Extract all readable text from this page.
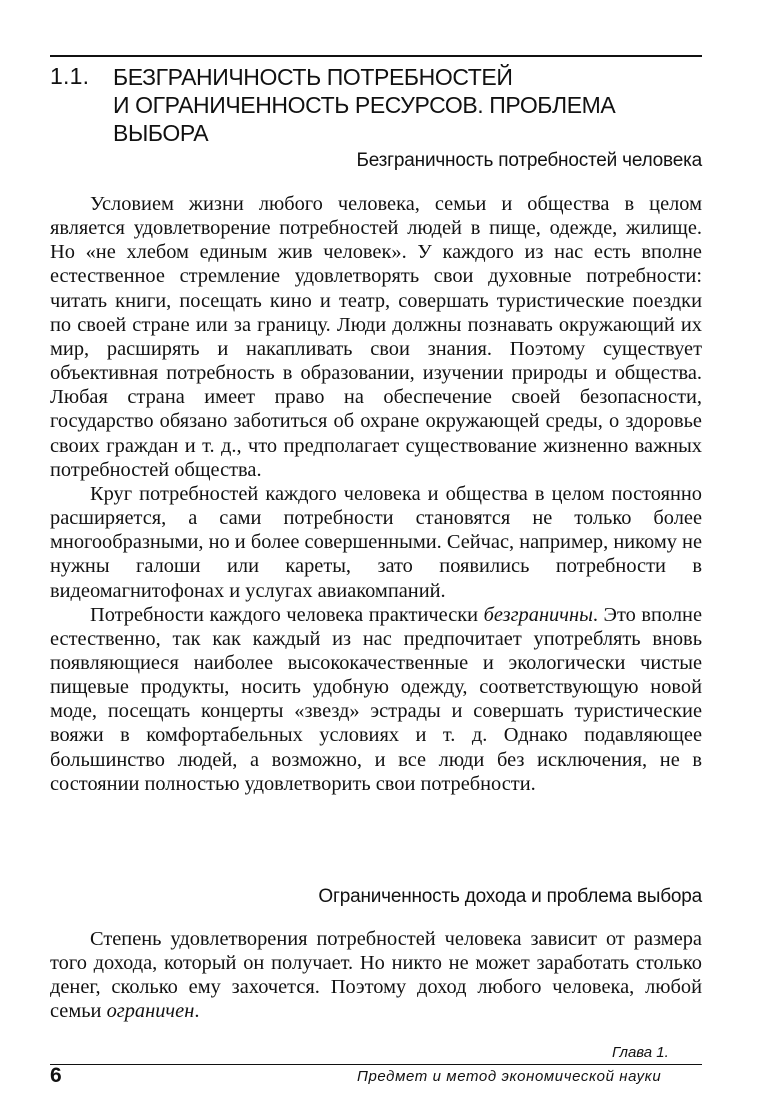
1.1. БЕЗГРАНИЧНОСТЬ ПОТРЕБНОСТЕЙ
И ОГРАНИЧЕННОСТЬ РЕСУРСОВ. ПРОБЛЕМА ВЫБОРА
Безграничность потребностей человека

Условием жизни любого человека, семьи и общества в целом является удовлетворение потребностей людей в пище, одежде, жилище. Но «не хлебом единым жив человек». У каждого из нас есть вполне естественное стремление удовлетворять свои духовные потребности: читать книги, посещать кино и театр, совершать туристические поездки по своей стране или за границу. Люди должны познавать окружающий их мир, расширять и накапливать свои знания. Поэтому существует объективная потребность в образовании, изучении природы и общества. Любая страна имеет право на обеспечение своей безопасности, государство обязано заботиться об охране окружающей среды, о здоровье своих граждан и т. д., что предполагает существование жизненно важных потребностей общества.

Круг потребностей каждого человека и общества в целом постоянно расширяется, а сами потребности становятся не только более многообразными, но и более совершенными. Сейчас, например, никому не нужны галоши или кареты, зато появились потребности в видеомагнитофонах и услугах авиакомпаний.

Потребности каждого человека практически безграничны. Это вполне естественно, так как каждый из нас предпочитает употреблять вновь появляющиеся наиболее высококачественные и экологически чистые пищевые продукты, носить удобную одежду, соответствующую новой моде, посещать концерты «звезд» эстрады и совершать туристические вояжи в комфортабельных условиях и т. д. Однако подавляющее большинство людей, а возможно, и все люди без исключения, не в состоянии полностью удовлетворить свои потребности.

Ограниченность дохода и проблема выбора

Степень удовлетворения потребностей человека зависит от размера того дохода, который он получает. Но никто не может заработать столько денег, сколько ему захочется. Поэтому доход любого человека, любой семьи ограничен.

Глава 1.
6	Предмет и метод экономической науки
